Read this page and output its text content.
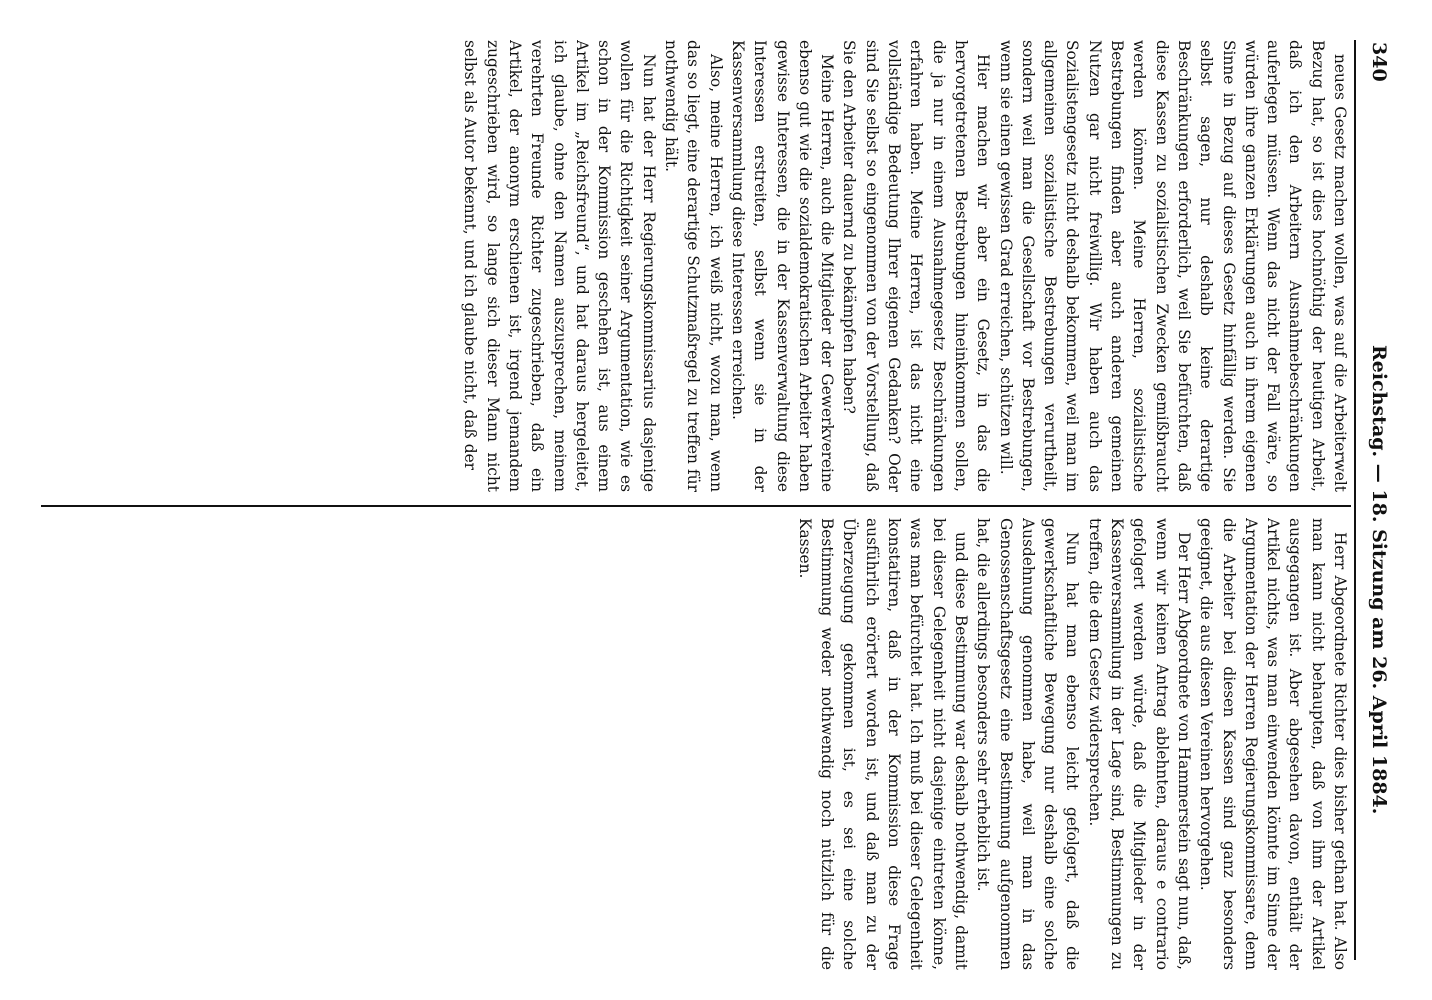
340
Reichstag. — 18. Sitzung am 26. April 1884.

neues Gesetz machen wollen, was auf die Arbeiterwelt Bezug hat, so ist dies hochnöthig der heutigen Arbeit, daß ich den Arbeitern Ausnahmebeschränkungen auferlegen müssen. Wenn das nicht der Fall wäre, so würden ihre ganzen Erklärungen auch in ihrem eigenen Sinne in Bezug auf dieses Gesetz hinfällig werden. Sie selbst sagen, nur deshalb keine derartige Beschränkungen erforderlich, weil Sie befürchten, daß diese Kassen zu sozialistischen Zwecken gemißbraucht werden können. Meine Herren, sozialistische Bestrebungen finden aber auch anderen gemeinen Nutzen gar nicht freiwillig. Wir haben auch das Sozialistengesetz nicht deshalb bekommen, weil man im allgemeinen sozialistische Bestrebungen verurtheilt, sondern weil man die Gesellschaft vor Bestrebungen, wenn sie einen gewissen Grad erreichen, schützen will.

Hier machen wir aber ein Gesetz, in das die hervorgetretenen Bestrebungen hineinkommen sollen, die ja nur in einem Ausnahmegesetz Beschränkungen erfahren haben. Meine Herren, ist das nicht eine vollständige Bedeutung Ihrer eigenen Gedanken? Oder sind Sie selbst so eingenommen von der Vorstellung, daß Sie den Arbeiter dauernd zu bekämpfen haben?

Meine Herren, auch die Mitglieder der Gewerkvereine ebenso gut wie die sozialdemokratischen Arbeiter haben gewisse Interessen, die in der Kassenverwaltung diese Interessen erstreiten, selbst wenn sie in der Kassenversammlung diese Interessen erreichen.

Also, meine Herren, ich weiß nicht, wozu man, wenn das so liegt, eine derartige Schutzmaßregel zu treffen für nothwendig hält.

Nun hat der Herr Regierungskommissarius dasjenige wollen für die Richtigkeit seiner Argumentation, wie es schon in der Kommission geschehen ist, aus einem Artikel im „Reichsfreund“, und hat daraus hergeleitet, ich glaube, ohne den Namen auszusprechen, meinem verehrten Freunde Richter zugeschrieben, daß ein Artikel, der anonym erschienen ist, irgend jemandem zugeschrieben wird, so lange sich dieser Mann nicht selbst als Autor bekennt, und ich glaube nicht, daß der

Herr Abgeordnete Richter dies bisher gethan hat. Also man kann nicht behaupten, daß von ihm der Artikel ausgegangen ist. Aber abgesehen davon, enthält der Artikel nichts, was man einwenden könnte im Sinne der Argumentation der Herren Regierungskommissare, denn die Arbeiter bei diesen Kassen sind ganz besonders geeignet, die aus diesen Vereinen hervorgehen.

Der Herr Abgeordnete von Hammerstein sagt nun, daß, wenn wir keinen Antrag ablehnten, daraus e contrario gefolgert werden würde, daß die Mitglieder in der Kassenversammlung in der Lage sind, Bestimmungen zu treffen, die dem Gesetz widersprechen.

Nun hat man ebenso leicht gefolgert, daß die gewerkschaftliche Bewegung nur deshalb eine solche Ausdehnung genommen habe, weil man in das Genossenschaftsgesetz eine Bestimmung aufgenommen hat, die allerdings besonders sehr erheblich ist.

und diese Bestimmung war deshalb nothwendig, damit bei dieser Gelegenheit nicht dasjenige eintreten könne, was man befürchtet hat. Ich muß bei dieser Gelegenheit konstatiren, daß in der Kommission diese Frage ausführlich erörtert worden ist, und daß man zu der Überzeugung gekommen ist, es sei eine solche Bestimmung weder nothwendig noch nützlich für die Kassen.
